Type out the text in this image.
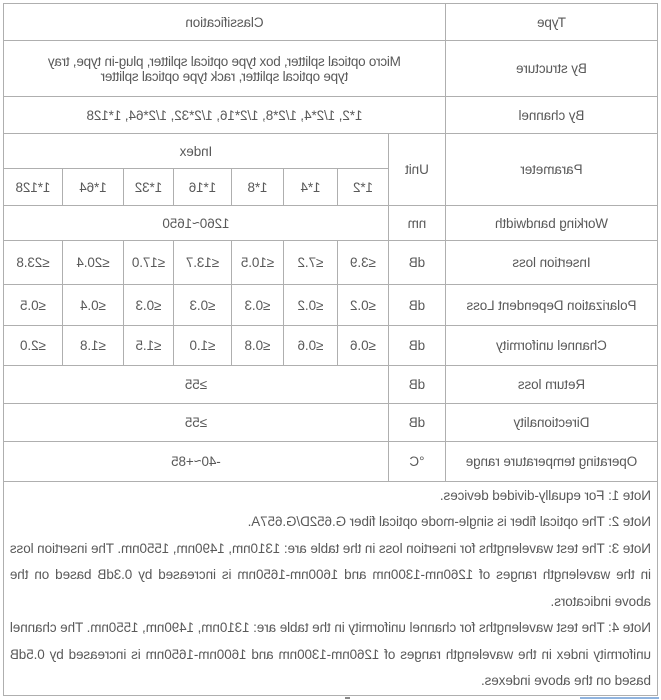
Type	Classification							
By structure	Micro optical splitter, box type optical splitter, plug-in type, tray
type optical splitter, rack type optical splitter							

By channel	1*2, 1/2*4, 1/2*8, 1/2*16, 1/2*32, 1/2*64, 1*128							
Parameter	Unit	Index						
		1*2	1*4	1*8	1*16	1*32	1*64	1*128
Working bandwidth	nm	1260~1650						
Insertion loss	dB	≤3.9	≤7.2	≤10.5	≤13.7	≤17.0	≤20.4	≤23.8
Polarization Dependent Loss	dB	≤0.2	≤0.2	≤0.3	≤0.3	≤0.3	≤0.4	≤0.5
Channel uniformity	dB	≤0.6	≤0.6	≤0.8	≤1.0	≤1.5	≤1.8	≤2.0
Return loss	dB	≥55						
Directionality	dB	≥55						
Operating temperature range	°C	-40~+85						

Note 1: For equally-divided devices.

Note 2: The optical fiber is single-mode optical fiber G.652D/G.657A.

Note 3: The test wavelengths for insertion loss in the table are: 1310nm, 1490nm, 1550nm. The insertion loss in the wavelength ranges of 1260nm-1300nm and 1600nm-1650nm is increased by 0.3dB based on the above indicators.

Note 4: The test wavelengths for channel uniformity in the table are: 1310nm, 1490nm, 1550nm. The channel uniformity index in the wavelength ranges of 1260nm-1300nm and 1600nm-1650nm is increased by 0.5dB based on the above indexes.								
